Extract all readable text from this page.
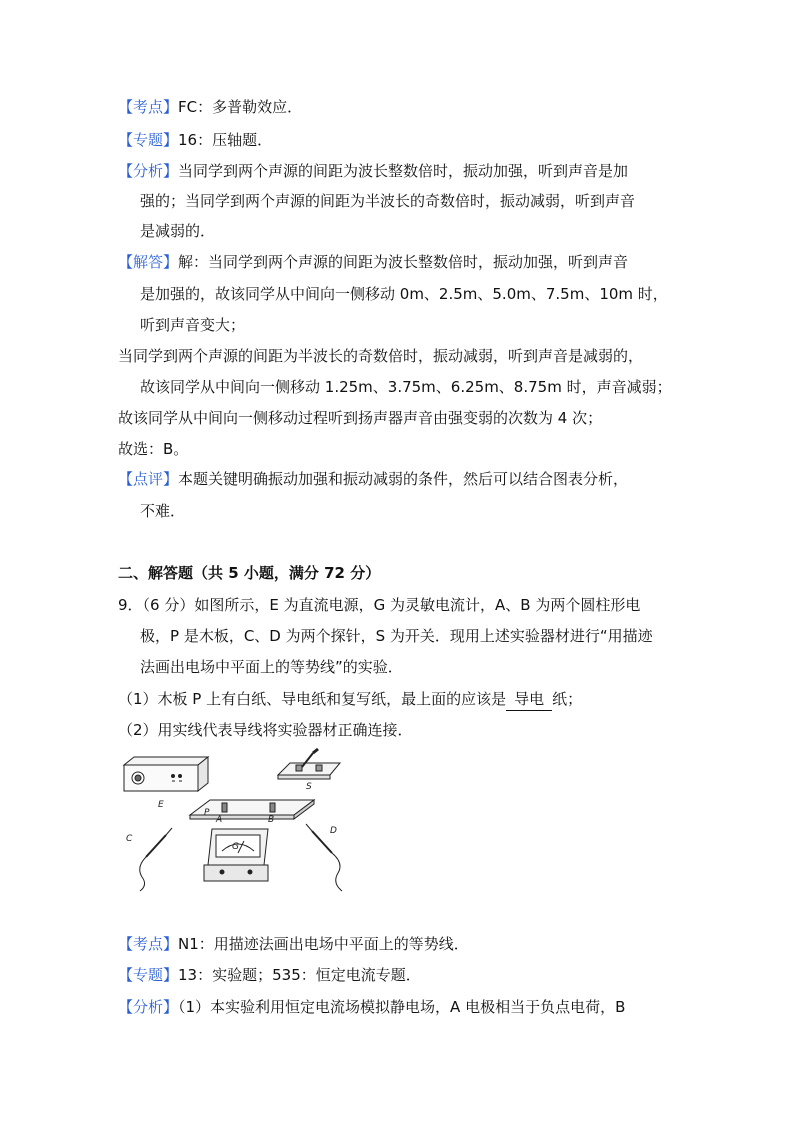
【考点】FC：多普勒效应．
【专题】16：压轴题．
【分析】当同学到两个声源的间距为波长整数倍时，振动加强，听到声音是加
强的；当同学到两个声源的间距为半波长的奇数倍时，振动减弱，听到声音
是减弱的．
【解答】解：当同学到两个声源的间距为波长整数倍时，振动加强，听到声音
是加强的，故该同学从中间向一侧移动 0m、2.5m、5.0m、7.5m、10m 时，
听到声音变大；
当同学到两个声源的间距为半波长的奇数倍时，振动减弱，听到声音是减弱的，
故该同学从中间向一侧移动 1.25m、3.75m、6.25m、8.75m 时，声音减弱；
故该同学从中间向一侧移动过程听到扬声器声音由强变弱的次数为 4 次；
故选：B。
【点评】本题关键明确振动加强和振动减弱的条件，然后可以结合图表分析，
不难．
二、解答题（共 5 小题，满分 72 分）
9．（6 分）如图所示，E 为直流电源，G 为灵敏电流计，A、B 为两个圆柱形电
极，P 是木板，C、D 为两个探针，S 为开关．现用上述实验器材进行“用描迹
法画出电场中平面上的等势线”的实验．
（1）木板 P 上有白纸、导电纸和复写纸，最上面的应该是 导电 纸；
（2）用实线代表导线将实验器材正确连接．
E
S
P
A	B
G
C
D
【考点】N1：用描迹法画出电场中平面上的等势线．
【专题】13：实验题；535：恒定电流专题．
【分析】（1）本实验利用恒定电流场模拟静电场，A 电极相当于负点电荷，B
